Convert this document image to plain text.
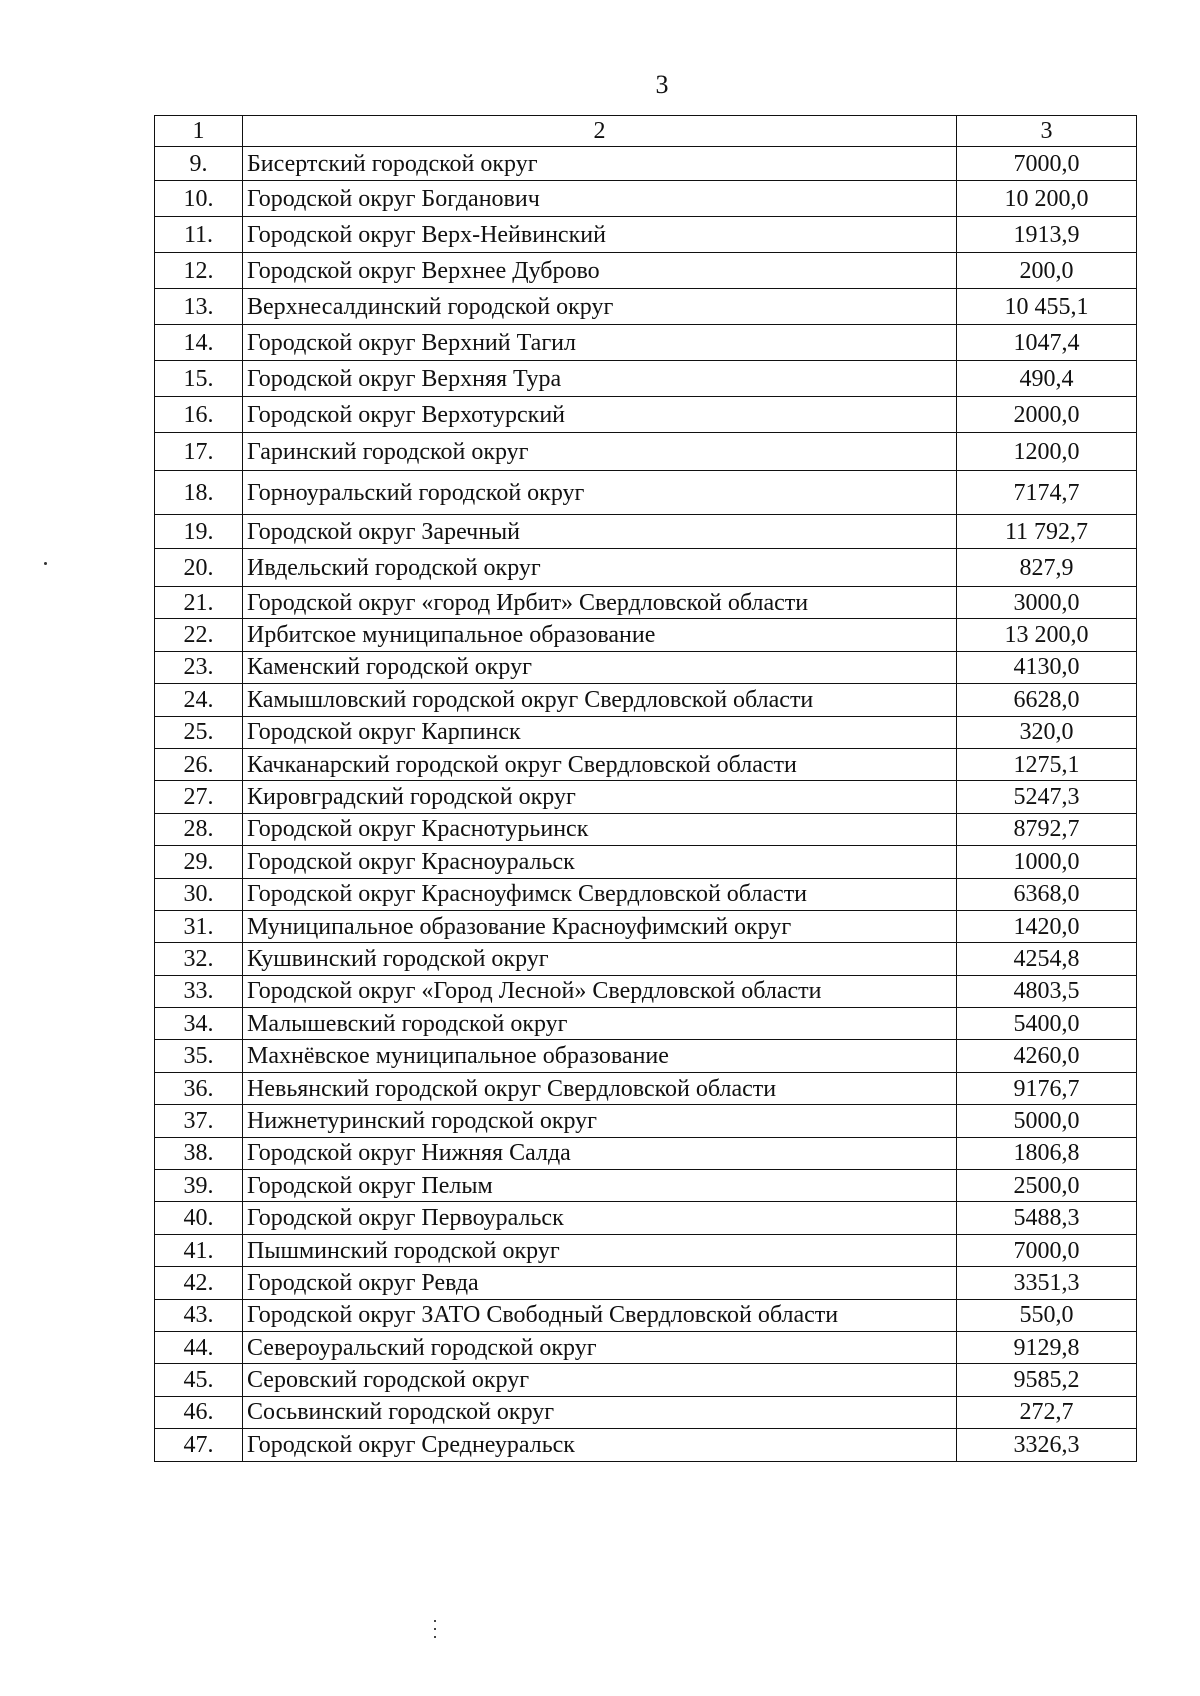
3
1	2	3
9.	Бисертский городской округ	7000,0
10.	Городской округ Богданович	10 200,0
11.	Городской округ Верх-Нейвинский	1913,9
12.	Городской округ Верхнее Дуброво	200,0
13.	Верхнесалдинский городской округ	10 455,1
14.	Городской округ Верхний Тагил	1047,4
15.	Городской округ Верхняя Тура	490,4
16.	Городской округ Верхотурский	2000,0
17.	Гаринский городской округ	1200,0
18.	Горноуральский городской округ	7174,7
19.	Городской округ Заречный	11 792,7
20.	Ивдельский городской округ	827,9
21.	Городской округ «город Ирбит» Свердловской области	3000,0
22.	Ирбитское муниципальное образование	13 200,0
23.	Каменский городской округ	4130,0
24.	Камышловский городской округ Свердловской области	6628,0
25.	Городской округ Карпинск	320,0
26.	Качканарский городской округ Свердловской области	1275,1
27.	Кировградский городской округ	5247,3
28.	Городской округ Краснотурьинск	8792,7
29.	Городской округ Красноуральск	1000,0
30.	Городской округ Красноуфимск Свердловской области	6368,0
31.	Муниципальное образование Красноуфимский округ	1420,0
32.	Кушвинский городской округ	4254,8
33.	Городской округ «Город Лесной» Свердловской области	4803,5
34.	Малышевский городской округ	5400,0
35.	Махнёвское муниципальное образование	4260,0
36.	Невьянский городской округ Свердловской области	9176,7
37.	Нижнетуринский городской округ	5000,0
38.	Городской округ Нижняя Салда	1806,8
39.	Городской округ Пелым	2500,0
40.	Городской округ Первоуральск	5488,3
41.	Пышминский городской округ	7000,0
42.	Городской округ Ревда	3351,3
43.	Городской округ ЗАТО Свободный Свердловской области	550,0
44.	Североуральский городской округ	9129,8
45.	Серовский городской округ	9585,2
46.	Сосьвинский городской округ	272,7
47.	Городской округ Среднеуральск	3326,3
